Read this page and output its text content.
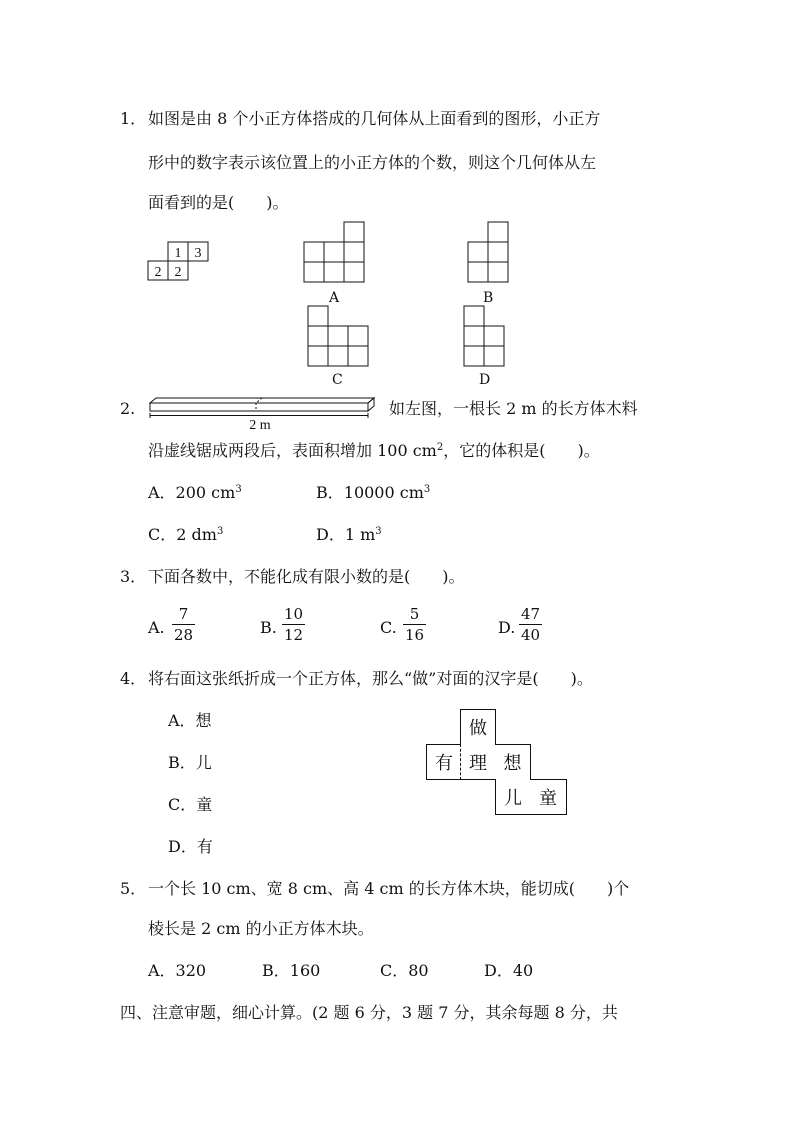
1． 如图是由 8 个小正方体搭成的几何体从上面看到的图形，小正方
形中的数字表示该位置上的小正方体的个数，则这个几何体从左
面看到的是(　　)。
1 3
2 2
A	B
C	D
2.
2 m
如左图，一根长 2 m 的长方体木料
沿虚线锯成两段后，表面积增加 100 $cm^2$，它的体积是(　　)。
A．200 $cm^3$	B．10000 $cm^3$
C．2 $dm^3$	D．1 $m^3$
3． 下面各数中，不能化成有限小数的是(　　)。
A.
7
28	B.
10
12	C.
5
16	D.
47
40
4． 将右面这张纸折成一个正方体，那么“做”对面的汉字是(　　)。
A．想
B．儿
C．童
D．有
做
有 理 想
儿 童
5． 一个长 10 cm、宽 8 cm、高 4 cm 的长方体木块，能切成(　　)个
棱长是 2 cm 的小正方体木块。
A．320	B．160	C．80	D．40
四、注意审题，细心计算。(2 题 6 分，3 题 7 分，其余每题 8 分，共
